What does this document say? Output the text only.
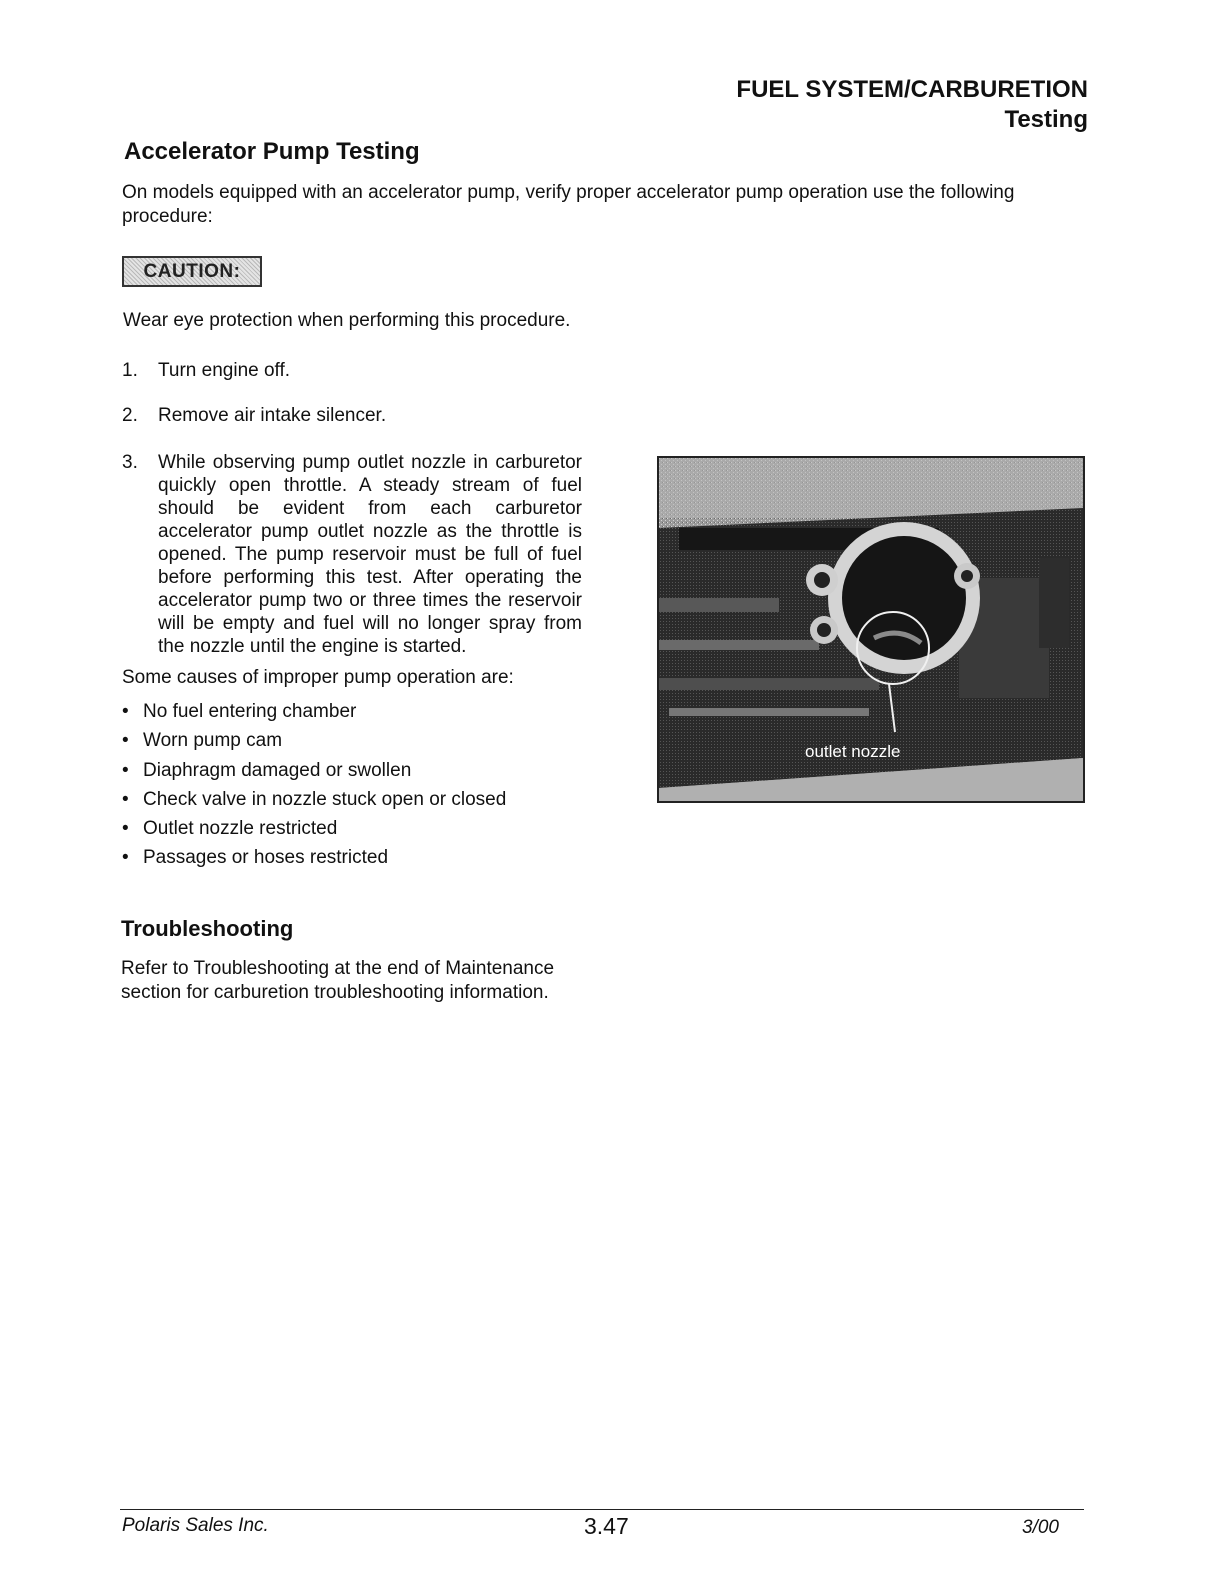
FUEL SYSTEM/CARBURETION
Testing
Accelerator Pump Testing
On models equipped with an accelerator pump, verify proper accelerator pump operation use the following procedure:
CAUTION:
Wear eye protection when performing this procedure.
1.	Turn engine off.
2.	Remove air intake silencer.
3.	While observing pump outlet nozzle in carburetor quickly open throttle. A steady stream of fuel should be evident from each carburetor accelerator pump outlet nozzle as the throttle is opened. The pump reservoir must be full of fuel before performing this test. After operating the accelerator pump two or three times the reservoir will be empty and fuel will no longer spray from the nozzle until the engine is started.
Some causes of improper pump operation are:
• No fuel entering chamber
• Worn pump cam
• Diaphragm damaged or swollen
• Check valve in nozzle stuck open or closed
• Outlet nozzle restricted
• Passages or hoses restricted
outlet nozzle
Troubleshooting
Refer to Troubleshooting at the end of Maintenance section for carburetion troubleshooting information.
Polaris Sales Inc.	3.47	3/00
